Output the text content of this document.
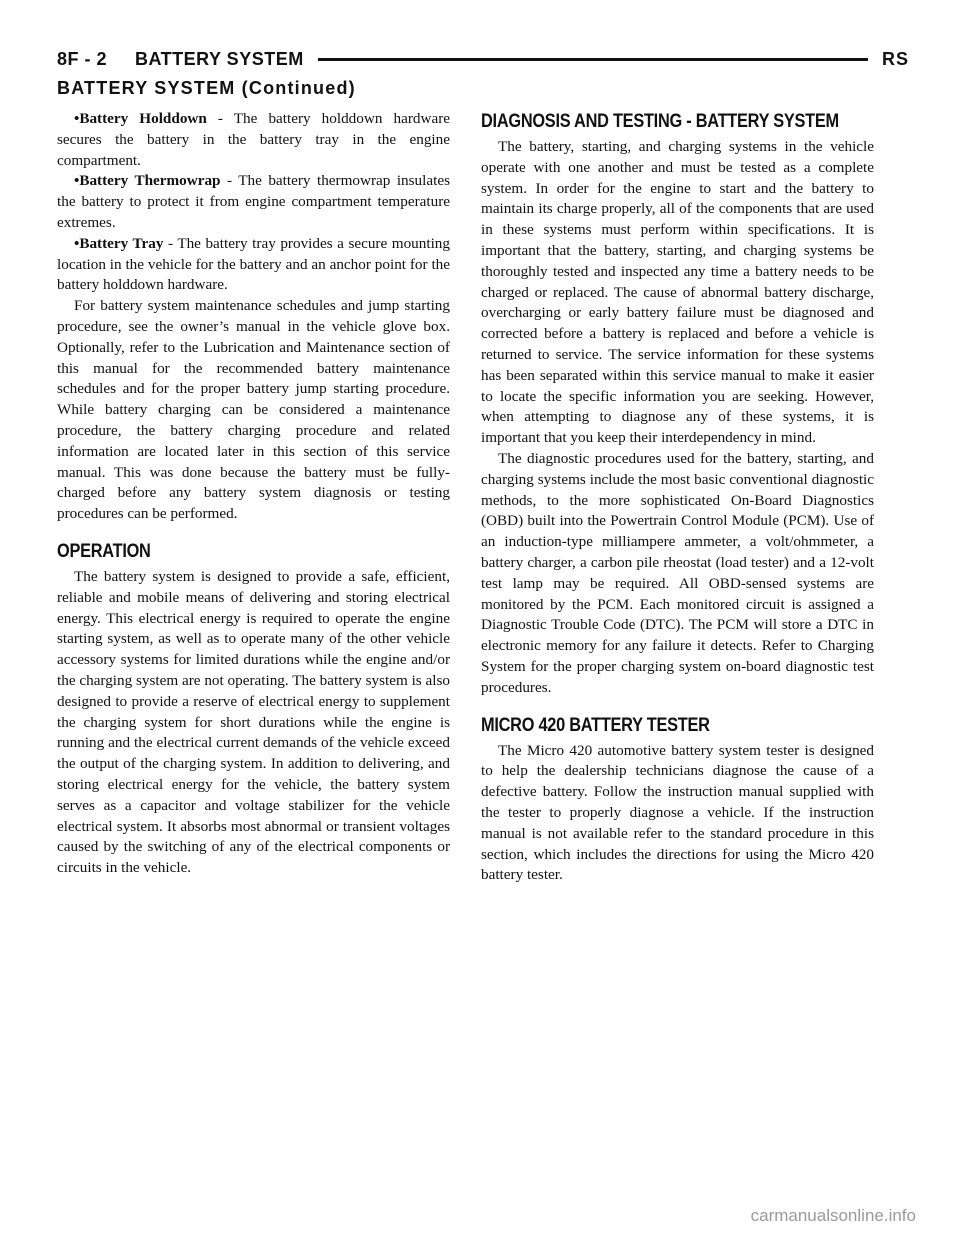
8F - 2 BATTERY SYSTEM	RS
BATTERY SYSTEM (Continued)

•Battery Holddown - The battery holddown hardware secures the battery in the battery tray in the engine compartment.

•Battery Thermowrap - The battery thermowrap insulates the battery to protect it from engine compartment temperature extremes.

•Battery Tray - The battery tray provides a secure mounting location in the vehicle for the battery and an anchor point for the battery holddown hardware.

For battery system maintenance schedules and jump starting procedure, see the owner’s manual in the vehicle glove box. Optionally, refer to the Lubrication and Maintenance section of this manual for the recommended battery maintenance schedules and for the proper battery jump starting procedure. While battery charging can be considered a maintenance procedure, the battery charging procedure and related information are located later in this section of this service manual. This was done because the battery must be fully-charged before any battery system diagnosis or testing procedures can be performed.

OPERATION

The battery system is designed to provide a safe, efficient, reliable and mobile means of delivering and storing electrical energy. This electrical energy is required to operate the engine starting system, as well as to operate many of the other vehicle accessory systems for limited durations while the engine and/or the charging system are not operating. The battery system is also designed to provide a reserve of electrical energy to supplement the charging system for short durations while the engine is running and the electrical current demands of the vehicle exceed the output of the charging system. In addition to delivering, and storing electrical energy for the vehicle, the battery system serves as a capacitor and voltage stabilizer for the vehicle electrical system. It absorbs most abnormal or transient voltages caused by the switching of any of the electrical components or circuits in the vehicle.

DIAGNOSIS AND TESTING - BATTERY SYSTEM

The battery, starting, and charging systems in the vehicle operate with one another and must be tested as a complete system. In order for the engine to start and the battery to maintain its charge properly, all of the components that are used in these systems must perform within specifications. It is important that the battery, starting, and charging systems be thoroughly tested and inspected any time a battery needs to be charged or replaced. The cause of abnormal battery discharge, overcharging or early battery failure must be diagnosed and corrected before a battery is replaced and before a vehicle is returned to service. The service information for these systems has been separated within this service manual to make it easier to locate the specific information you are seeking. However, when attempting to diagnose any of these systems, it is important that you keep their interdependency in mind.

The diagnostic procedures used for the battery, starting, and charging systems include the most basic conventional diagnostic methods, to the more sophisticated On-Board Diagnostics (OBD) built into the Powertrain Control Module (PCM). Use of an induction-type milliampere ammeter, a volt/ohmmeter, a battery charger, a carbon pile rheostat (load tester) and a 12-volt test lamp may be required. All OBD-sensed systems are monitored by the PCM. Each monitored circuit is assigned a Diagnostic Trouble Code (DTC). The PCM will store a DTC in electronic memory for any failure it detects. Refer to Charging System for the proper charging system on-board diagnostic test procedures.

MICRO 420 BATTERY TESTER

The Micro 420 automotive battery system tester is designed to help the dealership technicians diagnose the cause of a defective battery. Follow the instruction manual supplied with the tester to properly diagnose a vehicle. If the instruction manual is not available refer to the standard procedure in this section, which includes the directions for using the Micro 420 battery tester.

carmanualsonline.info
